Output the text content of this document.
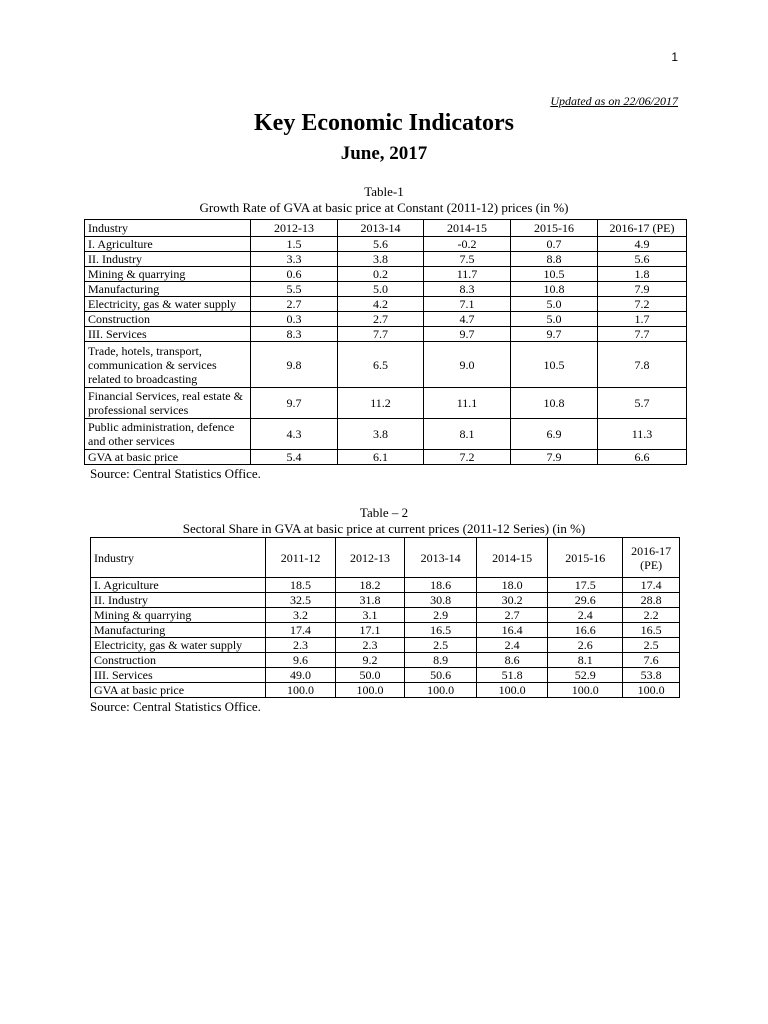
1
Updated as on 22/06/2017
Key Economic Indicators
June, 2017
Table-1
Growth Rate of GVA at basic price at Constant (2011-12) prices (in %)
Industry	2012-13	2013-14	2014-15	2015-16	2016-17 (PE)
I. Agriculture	1.5	5.6	-0.2	0.7	4.9
II. Industry	3.3	3.8	7.5	8.8	5.6
Mining & quarrying	0.6	0.2	11.7	10.5	1.8
Manufacturing	5.5	5.0	8.3	10.8	7.9
Electricity, gas & water supply	2.7	4.2	7.1	5.0	7.2
Construction	0.3	2.7	4.7	5.0	1.7
III. Services	8.3	7.7	9.7	9.7	7.7
Trade, hotels, transport, communication & services related to broadcasting	9.8	6.5	9.0	10.5	7.8
Financial Services, real estate & professional services	9.7	11.2	11.1	10.8	5.7
Public administration, defence and other services	4.3	3.8	8.1	6.9	11.3
GVA at basic price	5.4	6.1	7.2	7.9	6.6
Source: Central Statistics Office.
Table – 2
Sectoral Share in GVA at basic price at current prices (2011-12 Series) (in %)
Industry	2011-12	2012-13	2013-14	2014-15	2015-16	2016-17 (PE)
I. Agriculture	18.5	18.2	18.6	18.0	17.5	17.4
II. Industry	32.5	31.8	30.8	30.2	29.6	28.8
Mining & quarrying	3.2	3.1	2.9	2.7	2.4	2.2
Manufacturing	17.4	17.1	16.5	16.4	16.6	16.5
Electricity, gas & water supply	2.3	2.3	2.5	2.4	2.6	2.5
Construction	9.6	9.2	8.9	8.6	8.1	7.6
III. Services	49.0	50.0	50.6	51.8	52.9	53.8
GVA at basic price	100.0	100.0	100.0	100.0	100.0	100.0
Source: Central Statistics Office.
